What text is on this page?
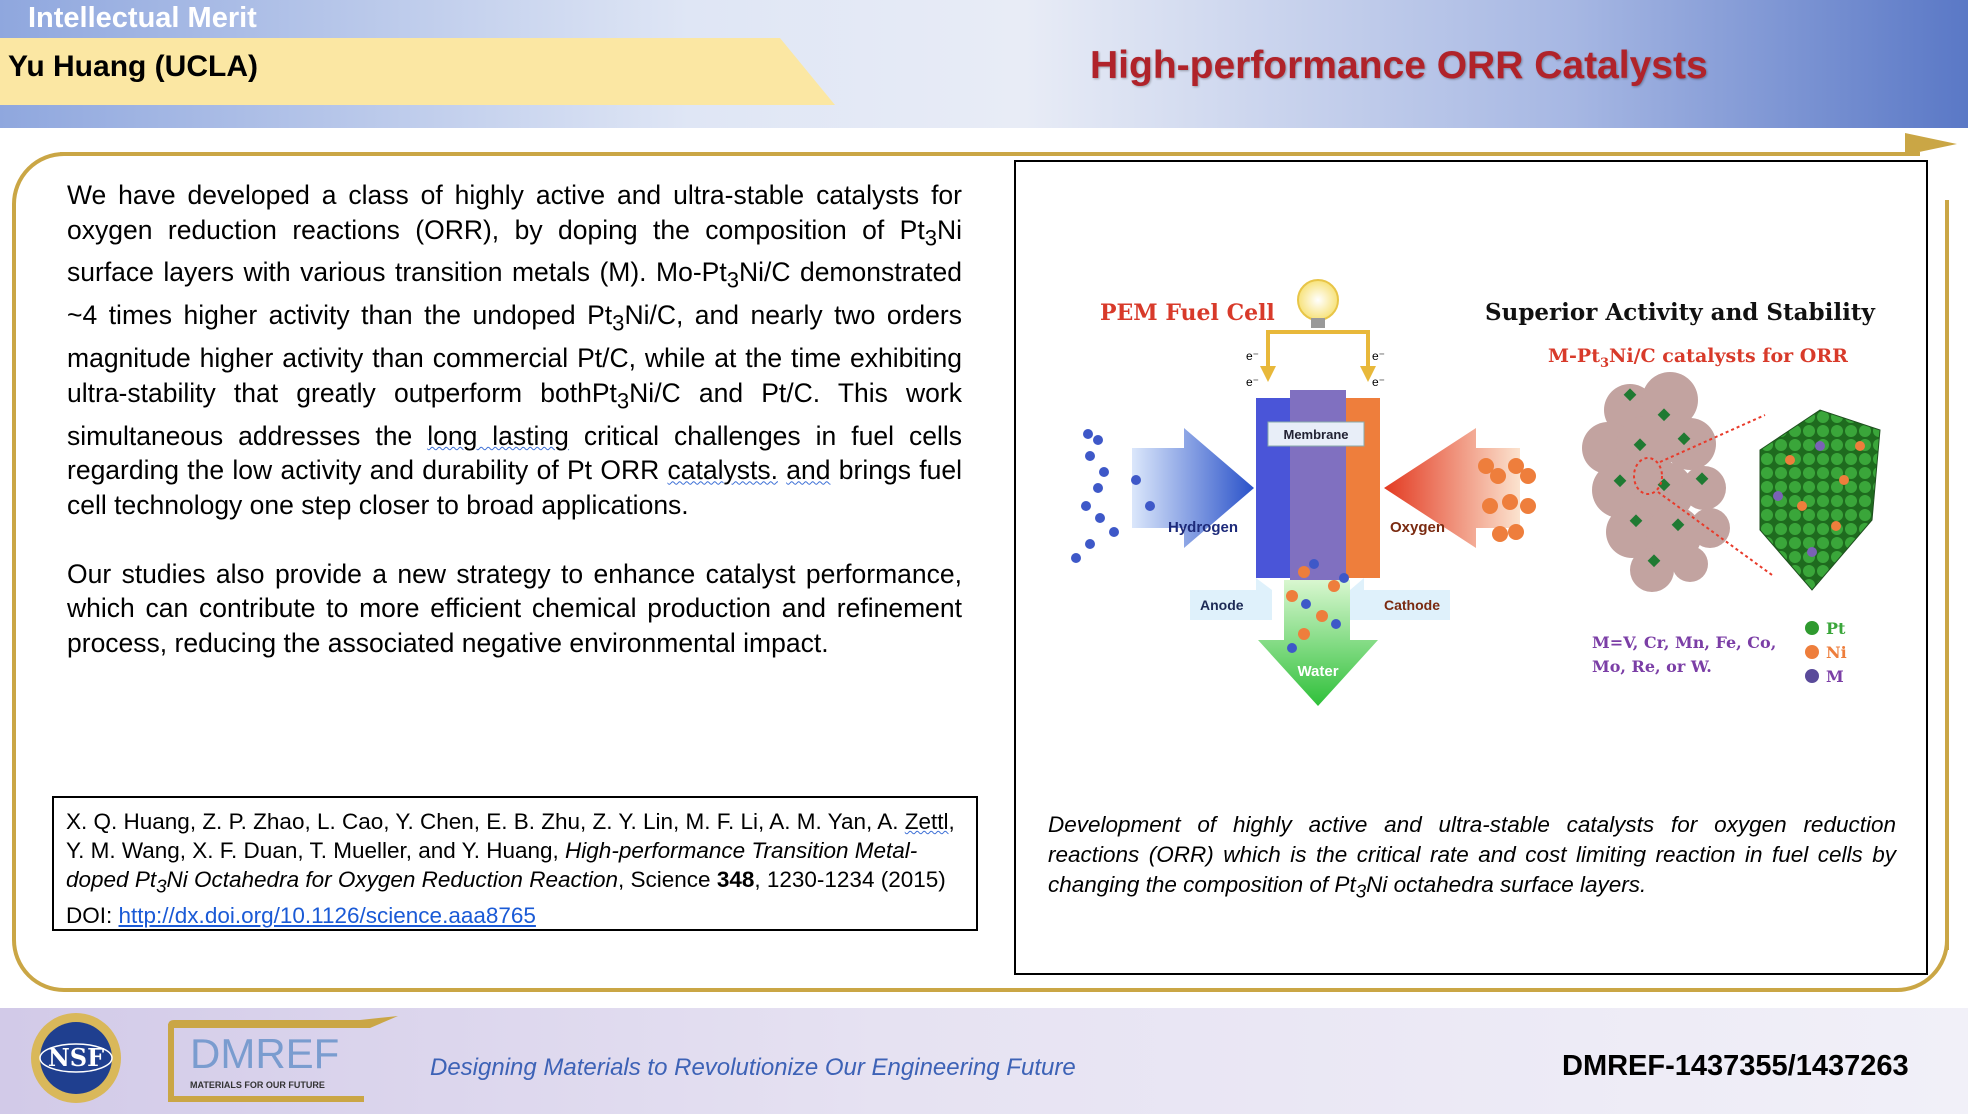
Intellectual Merit
Yu Huang (UCLA)	High-performance ORR Catalysts

We have developed a class of highly active and ultra-stable catalysts for oxygen reduction reactions (ORR), by doping the composition of $Pt_3Ni$ surface layers with various transition metals (M). $Mo-Pt_3Ni/C$ demonstrated ~4 times higher activity than the undoped $Pt_3Ni/C$, and nearly two orders magnitude higher activity than commercial Pt/C, while at the time exhibiting ultra-stability that greatly outperform bothPt$_3$Ni/C and Pt/C. This work simultaneous addresses the long lasting critical challenges in fuel cells regarding the low activity and durability of Pt ORR catalysts. and brings fuel cell technology one step closer to broad applications.

Our studies also provide a new strategy to enhance catalyst performance, which can contribute to more efficient chemical production and refinement process, reducing the associated negative environmental impact.

X. Q. Huang, Z. P. Zhao, L. Cao, Y. Chen, E. B. Zhu, Z. Y. Lin, M. F. Li, A. M. Yan, A. Zettl, Y. M. Wang, X. F. Duan, T. Mueller, and Y. Huang, High-performance Transition Metal-doped $Pt_3Ni$ Octahedra for Oxygen Reduction Reaction, Science 348, 1230-1234 (2015) DOI: http://dx.doi.org/10.1126/science.aaa8765
PEM Fuel Cell	Superior Activity and Stability
$M-Pt_3Ni/C$ catalysts for ORR
e⁻
e⁻
e⁻
e⁻
Membrane
Hydrogen	Oxygen
Anode	Cathode
Water
M=V, Cr, Mn, Fe, Co,
Mo, Re, or W.
Pt
Ni
M
Development of highly active and ultra-stable catalysts for oxygen reduction reactions (ORR) which is the critical rate and cost limiting reaction in fuel cells by changing the composition of $Pt_3Ni$ octahedra surface layers.
NSF DMREF
MATERIALS FOR OUR FUTURE
Designing Materials to Revolutionize Our Engineering Future	DMREF-1437355/1437263
